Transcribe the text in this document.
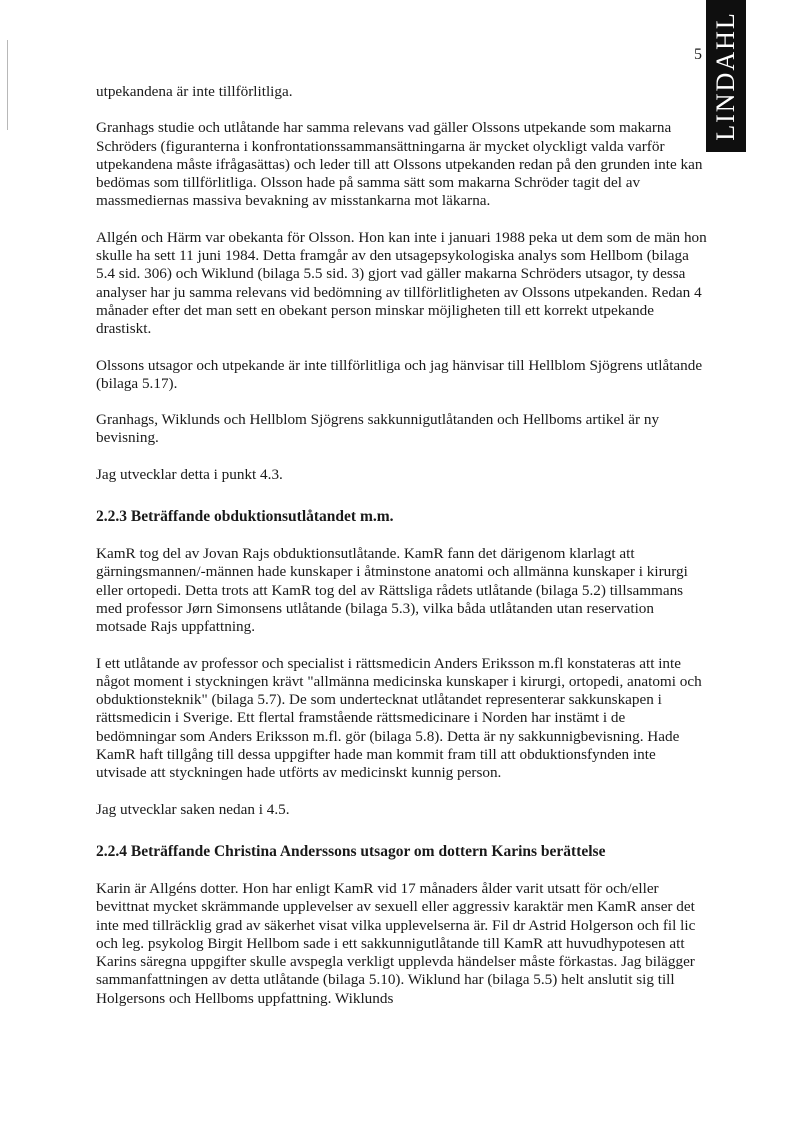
5 LINDAHL

utpekandena är inte tillförlitliga.

Granhags studie och utlåtande har samma relevans vad gäller Olssons utpekande som makarna Schröders (figuranterna i konfrontationssammansättningarna är mycket olyckligt valda varför utpekandena måste ifrågasättas) och leder till att Olssons utpekanden redan på den grunden inte kan bedömas som tillförlitliga. Olsson hade på samma sätt som makarna Schröder tagit del av massmediernas massiva bevakning av misstankarna mot läkarna.

Allgén och Härm var obekanta för Olsson. Hon kan inte i januari 1988 peka ut dem som de män hon skulle ha sett 11 juni 1984. Detta framgår av den utsagepsykologiska analys som Hellbom (bilaga 5.4 sid. 306) och Wiklund (bilaga 5.5 sid. 3) gjort vad gäller makarna Schröders utsagor, ty dessa analyser har ju samma relevans vid bedömning av tillförlitligheten av Olssons utpekanden. Redan 4 månader efter det man sett en obekant person minskar möjligheten till ett korrekt utpekande drastiskt.

Olssons utsagor och utpekande är inte tillförlitliga och jag hänvisar till Hellblom Sjögrens utlåtande (bilaga 5.17).

Granhags, Wiklunds och Hellblom Sjögrens sakkunnigutlåtanden och Hellboms artikel är ny bevisning.

Jag utvecklar detta i punkt 4.3.

2.2.3 Beträffande obduktionsutlåtandet m.m.

KamR tog del av Jovan Rajs obduktionsutlåtande. KamR fann det därigenom klarlagt att gärningsmannen/-männen hade kunskaper i åtminstone anatomi och allmänna kunskaper i kirurgi eller ortopedi. Detta trots att KamR tog del av Rättsliga rådets utlåtande (bilaga 5.2) tillsammans med professor Jørn Simonsens utlåtande (bilaga 5.3), vilka båda utlåtanden utan reservation motsade Rajs uppfattning.

I ett utlåtande av professor och specialist i rättsmedicin Anders Eriksson m.fl konstateras att inte något moment i styckningen krävt "allmänna medicinska kunskaper i kirurgi, ortopedi, anatomi och obduktionsteknik" (bilaga 5.7). De som undertecknat utlåtandet representerar sakkunskapen i rättsmedicin i Sverige. Ett flertal framstående rättsmedicinare i Norden har instämt i de bedömningar som Anders Eriksson m.fl. gör (bilaga 5.8). Detta är ny sakkunnigbevisning. Hade KamR haft tillgång till dessa uppgifter hade man kommit fram till att obduktionsfynden inte utvisade att styckningen hade utförts av medicinskt kunnig person.

Jag utvecklar saken nedan i 4.5.

2.2.4 Beträffande Christina Anderssons utsagor om dottern Karins berättelse

Karin är Allgéns dotter. Hon har enligt KamR vid 17 månaders ålder varit utsatt för och/eller bevittnat mycket skrämmande upplevelser av sexuell eller aggressiv karaktär men KamR anser det inte med tillräcklig grad av säkerhet visat vilka upplevelserna är. Fil dr Astrid Holgerson och fil lic och leg. psykolog Birgit Hellbom sade i ett sakkunnigutlåtande till KamR att huvudhypotesen att Karins säregna uppgifter skulle avspegla verkligt upplevda händelser måste förkastas. Jag bilägger sammanfattningen av detta utlåtande (bilaga 5.10). Wiklund har (bilaga 5.5) helt anslutit sig till Holgersons och Hellboms uppfattning. Wiklunds
